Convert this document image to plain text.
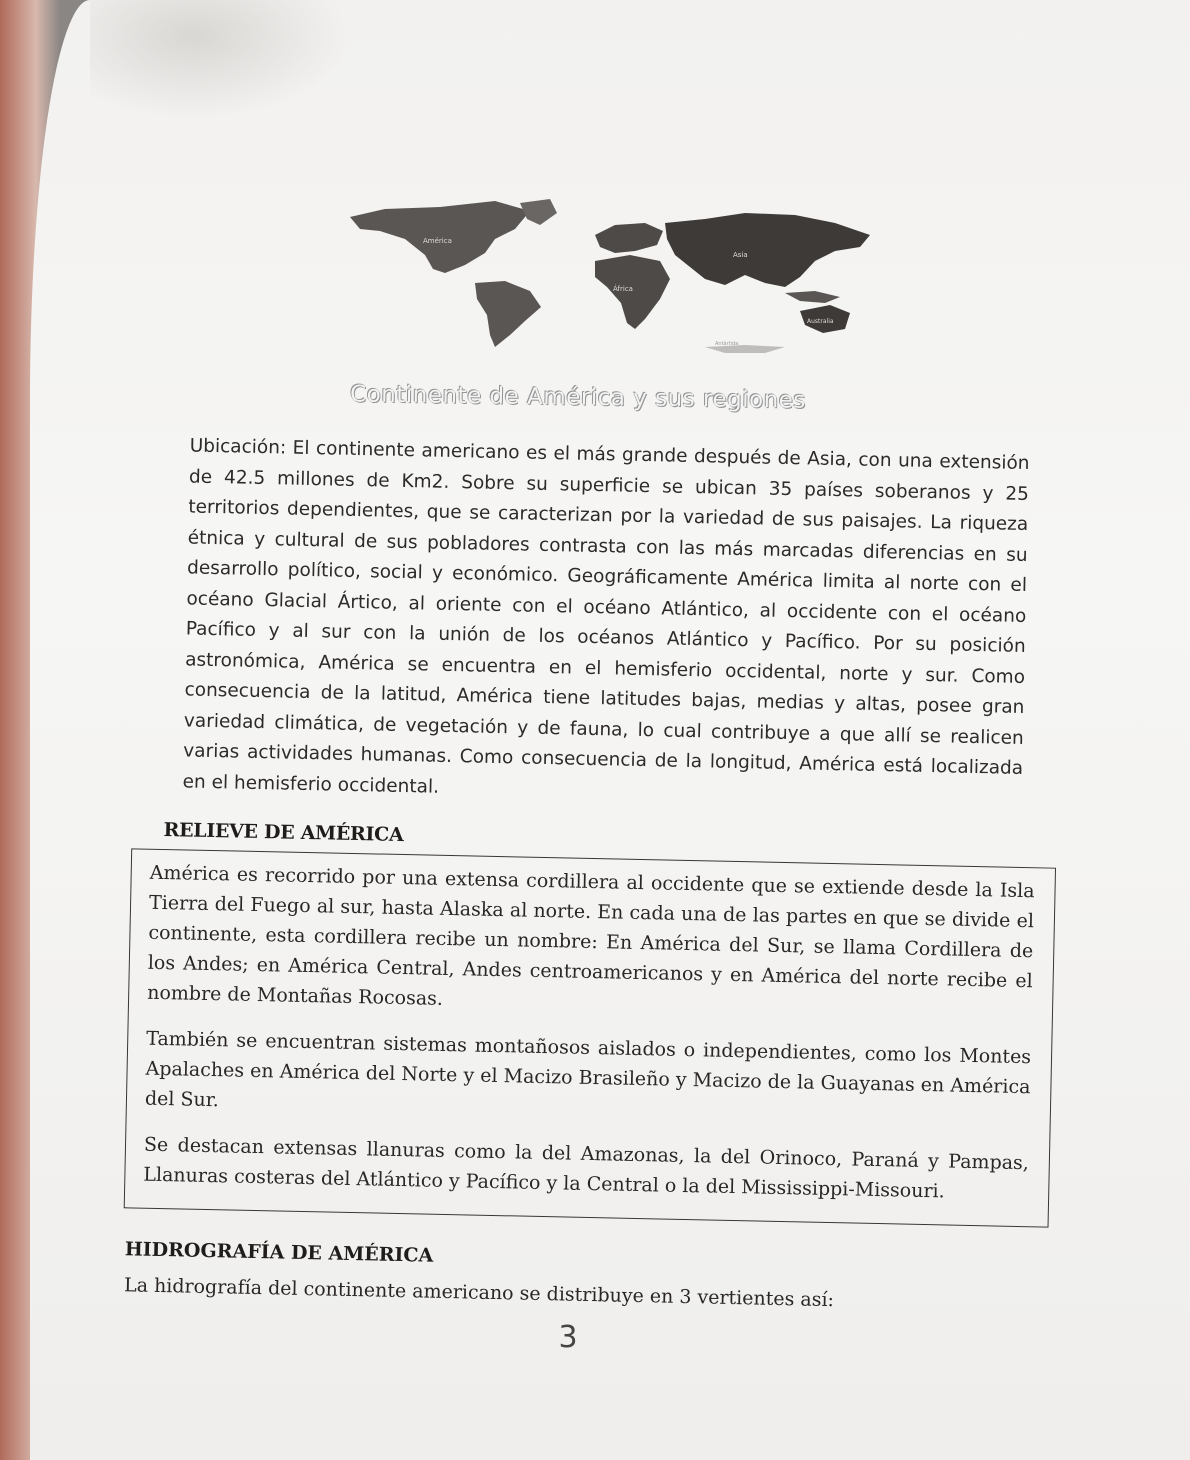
América
Asia
África
Australia
Antártida
Continente de América y sus regiones

Ubicación: El continente americano es el más grande después de Asia, con una extensión de 42.5 millones de Km2. Sobre su superficie se ubican 35 países soberanos y 25 territorios dependientes, que se caracterizan por la variedad de sus paisajes. La riqueza étnica y cultural de sus pobladores contrasta con las más marcadas diferencias en su desarrollo político, social y económico. Geográficamente América limita al norte con el océano Glacial Ártico, al oriente con el océano Atlántico, al occidente con el océano Pacífico y al sur con la unión de los océanos Atlántico y Pacífico. Por su posición astronómica, América se encuentra en el hemisferio occidental, norte y sur. Como consecuencia de la latitud, América tiene latitudes bajas, medias y altas, posee gran variedad climática, de vegetación y de fauna, lo cual contribuye a que allí se realicen varias actividades humanas. Como consecuencia de la longitud, América está localizada en el hemisferio occidental.

RELIEVE DE AMÉRICA

América es recorrido por una extensa cordillera al occidente que se extiende desde la Isla Tierra del Fuego al sur, hasta Alaska al norte. En cada una de las partes en que se divide el continente, esta cordillera recibe un nombre: En América del Sur, se llama Cordillera de los Andes; en América Central, Andes centroamericanos y en América del norte recibe el nombre de Montañas Rocosas.

También se encuentran sistemas montañosos aislados o independientes, como los Montes Apalaches en América del Norte y el Macizo Brasileño y Macizo de la Guayanas en América del Sur.

Se destacan extensas llanuras como la del Amazonas, la del Orinoco, Paraná y Pampas, Llanuras costeras del Atlántico y Pacífico y la Central o la del Mississippi-Missouri.

HIDROGRAFÍA DE AMÉRICA
La hidrografía del continente americano se distribuye en 3 vertientes así:
3
